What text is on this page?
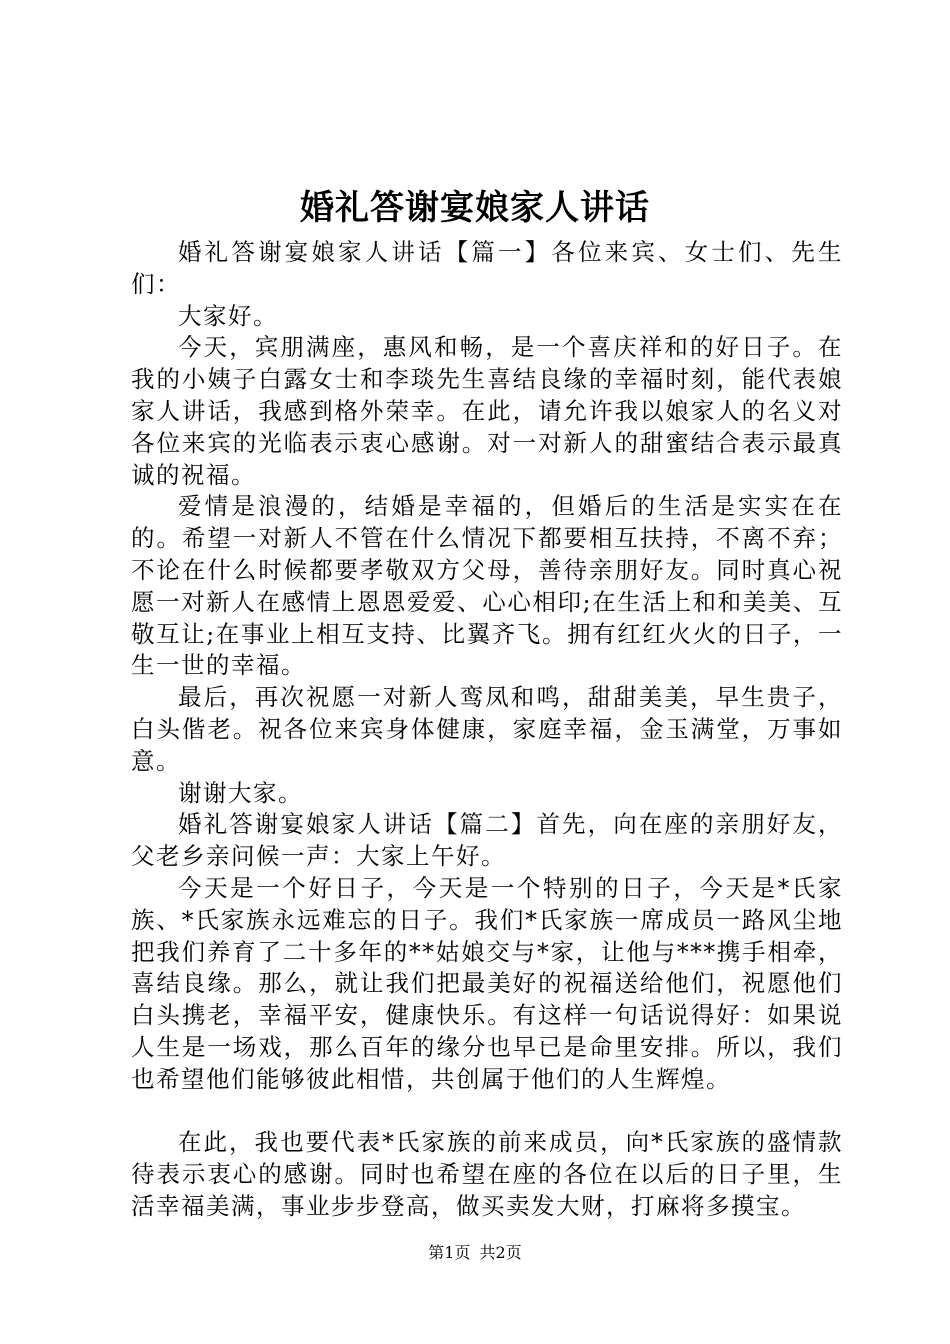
婚礼答谢宴娘家人讲话

婚礼答谢宴娘家人讲话【篇一】各位来宾、女士们、先生们：

大家好。

今天，宾朋满座，惠风和畅，是一个喜庆祥和的好日子。在我的小姨子白露女士和李琰先生喜结良缘的幸福时刻，能代表娘家人讲话，我感到格外荣幸。在此，请允许我以娘家人的名义对各位来宾的光临表示衷心感谢。对一对新人的甜蜜结合表示最真诚的祝福。

爱情是浪漫的，结婚是幸福的，但婚后的生活是实实在在的。希望一对新人不管在什么情况下都要相互扶持，不离不弃；不论在什么时候都要孝敬双方父母，善待亲朋好友。同时真心祝愿一对新人在感情上恩恩爱爱、心心相印;在生活上和和美美、互敬互让;在事业上相互支持、比翼齐飞。拥有红红火火的日子，一生一世的幸福。

最后，再次祝愿一对新人鸾凤和鸣，甜甜美美，早生贵子，白头偕老。祝各位来宾身体健康，家庭幸福，金玉满堂，万事如意。

谢谢大家。

婚礼答谢宴娘家人讲话【篇二】首先，向在座的亲朋好友，父老乡亲问候一声：大家上午好。

今天是一个好日子，今天是一个特别的日子，今天是*氏家族、*氏家族永远难忘的日子。我们*氏家族一席成员一路风尘地把我们养育了二十多年的**姑娘交与*家，让他与***携手相牵，喜结良缘。那么，就让我们把最美好的祝福送给他们，祝愿他们白头携老，幸福平安，健康快乐。有这样一句话说得好：如果说人生是一场戏，那么百年的缘分也早已是命里安排。所以，我们也希望他们能够彼此相惜，共创属于他们的人生辉煌。

在此，我也要代表*氏家族的前来成员，向*氏家族的盛情款待表示衷心的感谢。同时也希望在座的各位在以后的日子里，生活幸福美满，事业步步登高，做买卖发大财，打麻将多摸宝。

第1页 共2页
